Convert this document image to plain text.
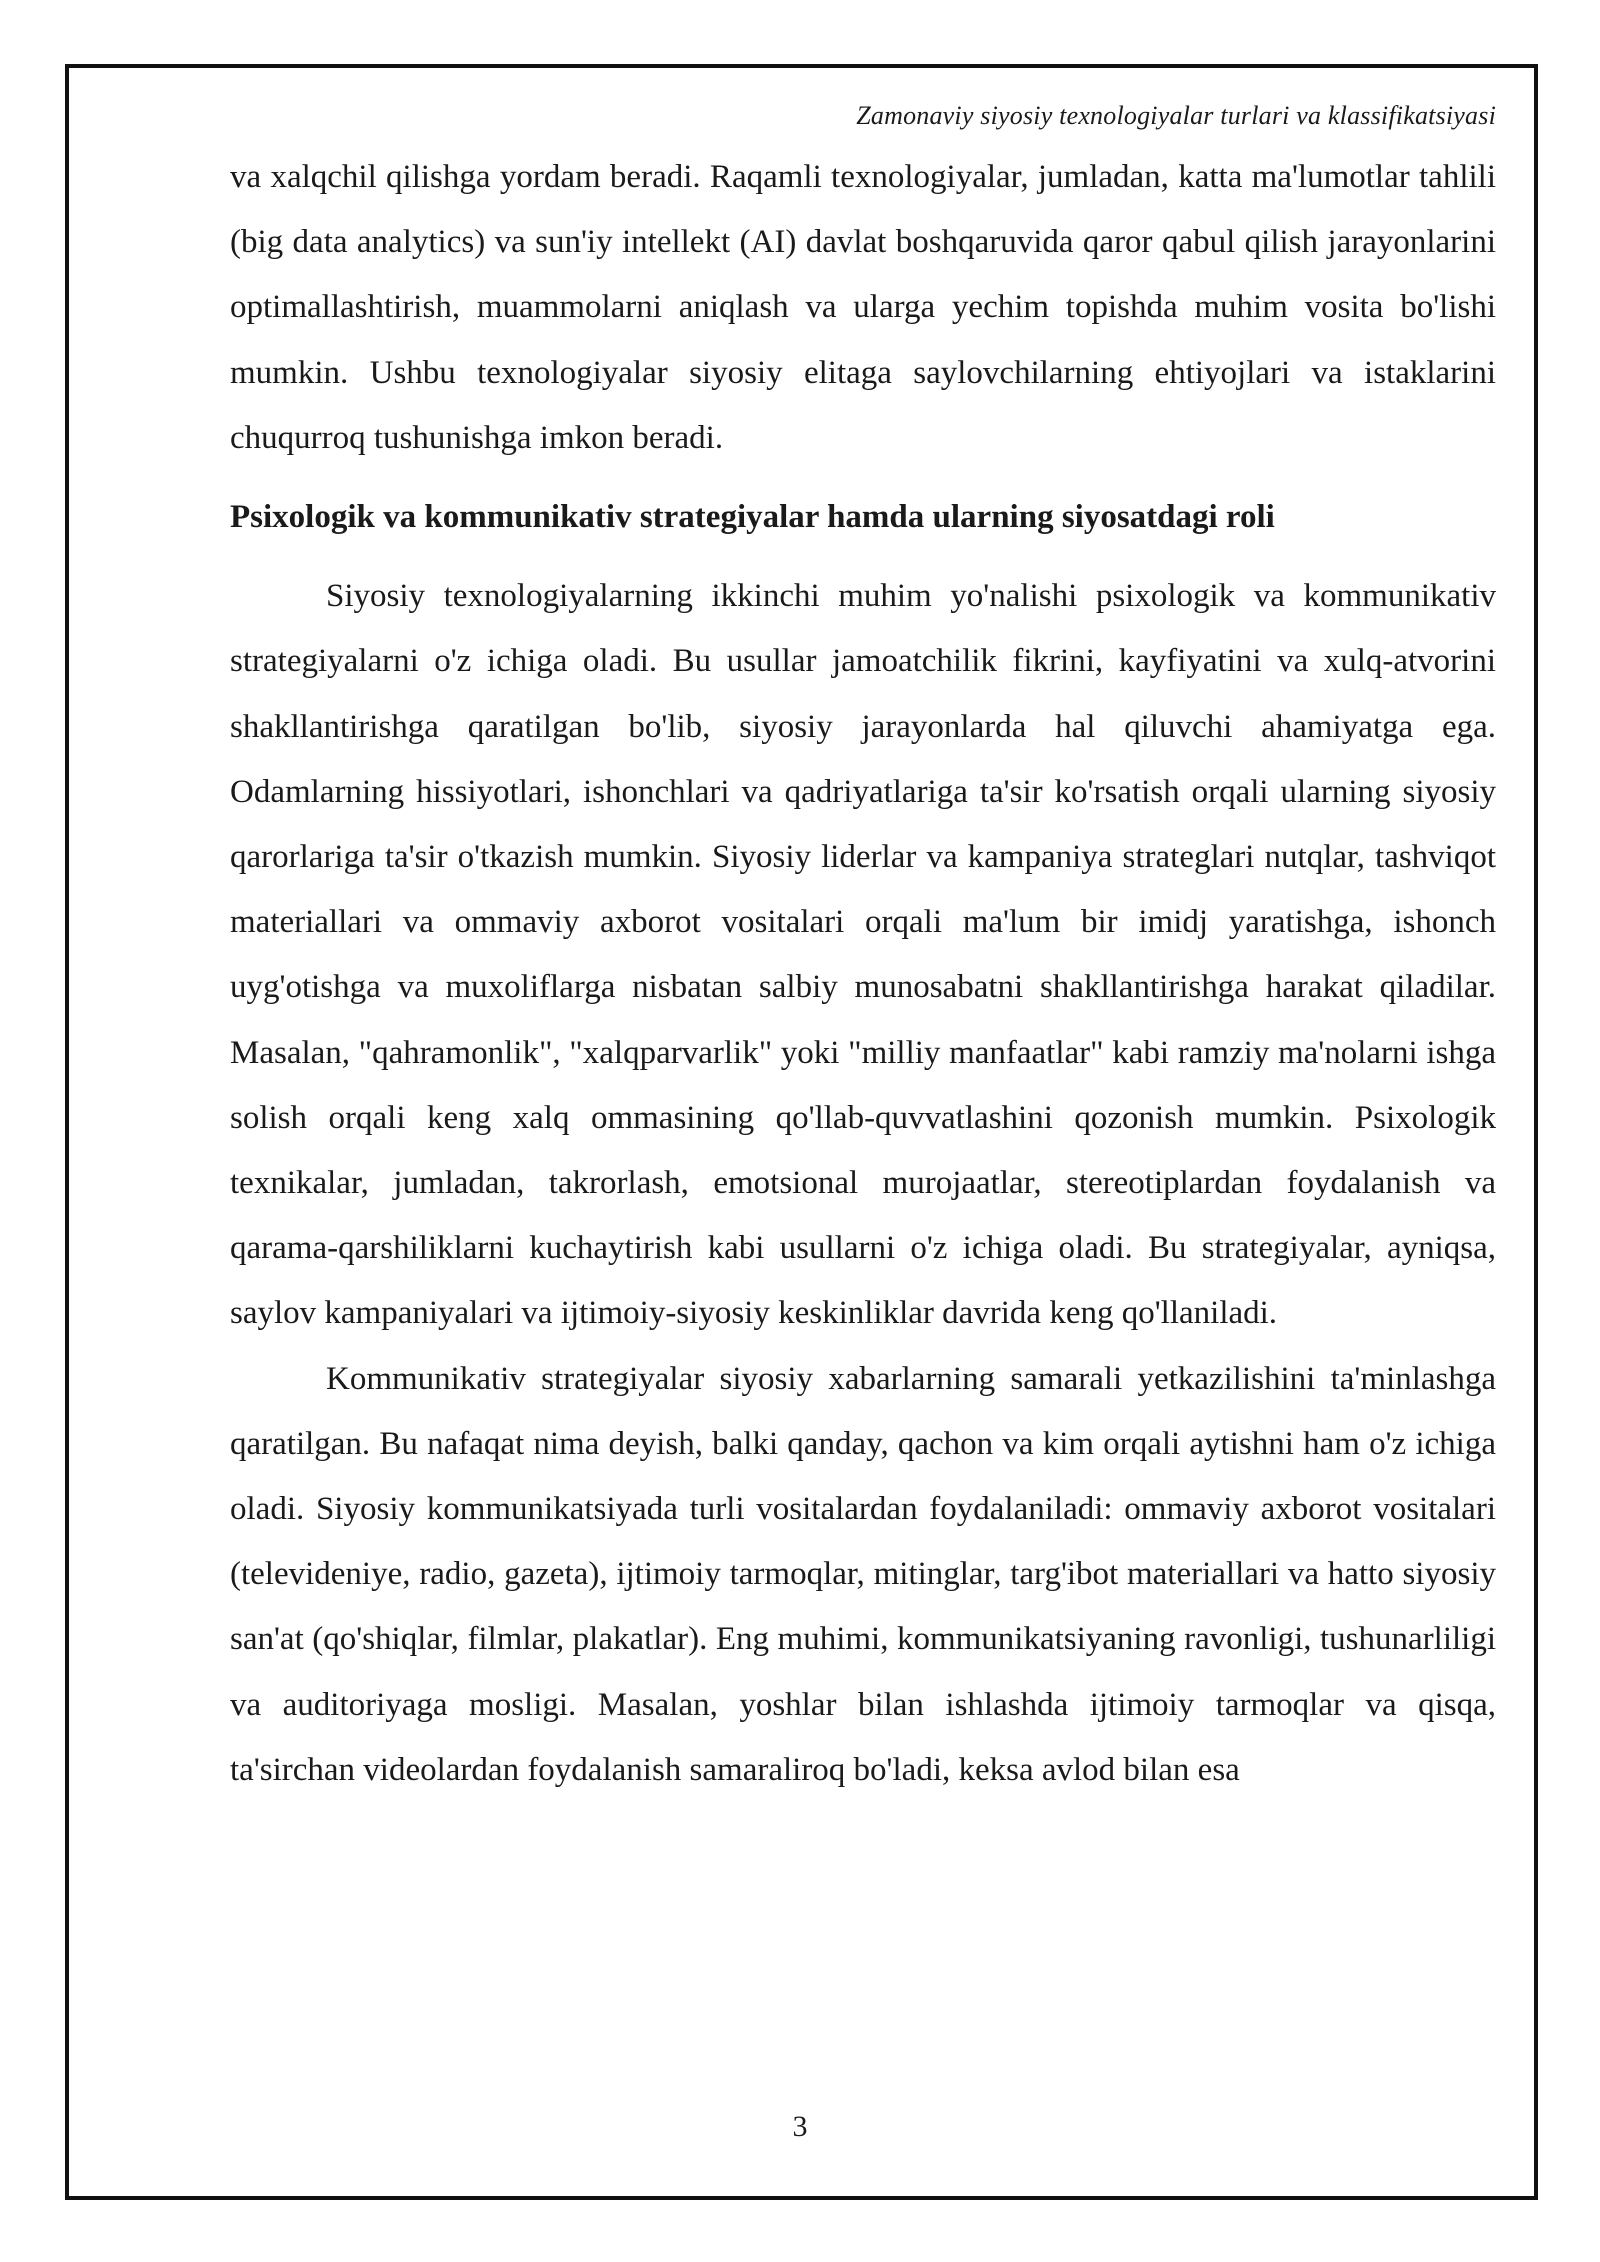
Zamonaviy siyosiy texnologiyalar turlari va klassifikatsiyasi

va xalqchil qilishga yordam beradi. Raqamli texnologiyalar, jumladan, katta ma'lumotlar tahlili (big data analytics) va sun'iy intellekt (AI) davlat boshqaruvida qaror qabul qilish jarayonlarini optimallashtirish, muammolarni aniqlash va ularga yechim topishda muhim vosita bo'lishi mumkin. Ushbu texnologiyalar siyosiy elitaga saylovchilarning ehtiyojlari va istaklarini chuqurroq tushunishga imkon beradi.

Psixologik va kommunikativ strategiyalar hamda ularning siyosatdagi roli

Siyosiy texnologiyalarning ikkinchi muhim yo'nalishi psixologik va kommunikativ strategiyalarni o'z ichiga oladi. Bu usullar jamoatchilik fikrini, kayfiyatini va xulq-atvorini shakllantirishga qaratilgan bo'lib, siyosiy jarayonlarda hal qiluvchi ahamiyatga ega. Odamlarning hissiyotlari, ishonchlari va qadriyatlariga ta'sir ko'rsatish orqali ularning siyosiy qarorlariga ta'sir o'tkazish mumkin. Siyosiy liderlar va kampaniya strateglari nutqlar, tashviqot materiallari va ommaviy axborot vositalari orqali ma'lum bir imidj yaratishga, ishonch uyg'otishga va muxoliflarga nisbatan salbiy munosabatni shakllantirishga harakat qiladilar. Masalan, "qahramonlik", "xalqparvarlik" yoki "milliy manfaatlar" kabi ramziy ma'nolarni ishga solish orqali keng xalq ommasining qo'llab-quvvatlashini qozonish mumkin. Psixologik texnikalar, jumladan, takrorlash, emotsional murojaatlar, stereotiplardan foydalanish va qarama-qarshiliklarni kuchaytirish kabi usullarni o'z ichiga oladi. Bu strategiyalar, ayniqsa, saylov kampaniyalari va ijtimoiy-siyosiy keskinliklar davrida keng qo'llaniladi.

Kommunikativ strategiyalar siyosiy xabarlarning samarali yetkazilishini ta'minlashga qaratilgan. Bu nafaqat nima deyish, balki qanday, qachon va kim orqali aytishni ham o'z ichiga oladi. Siyosiy kommunikatsiyada turli vositalardan foydalaniladi: ommaviy axborot vositalari (televideniye, radio, gazeta), ijtimoiy tarmoqlar, mitinglar, targ'ibot materiallari va hatto siyosiy san'at (qo'shiqlar, filmlar, plakatlar). Eng muhimi, kommunikatsiyaning ravonligi, tushunarliligi va auditoriyaga mosligi. Masalan, yoshlar bilan ishlashda ijtimoiy tarmoqlar va qisqa, ta'sirchan videolardan foydalanish samaraliroq bo'ladi, keksa avlod bilan esa

3
